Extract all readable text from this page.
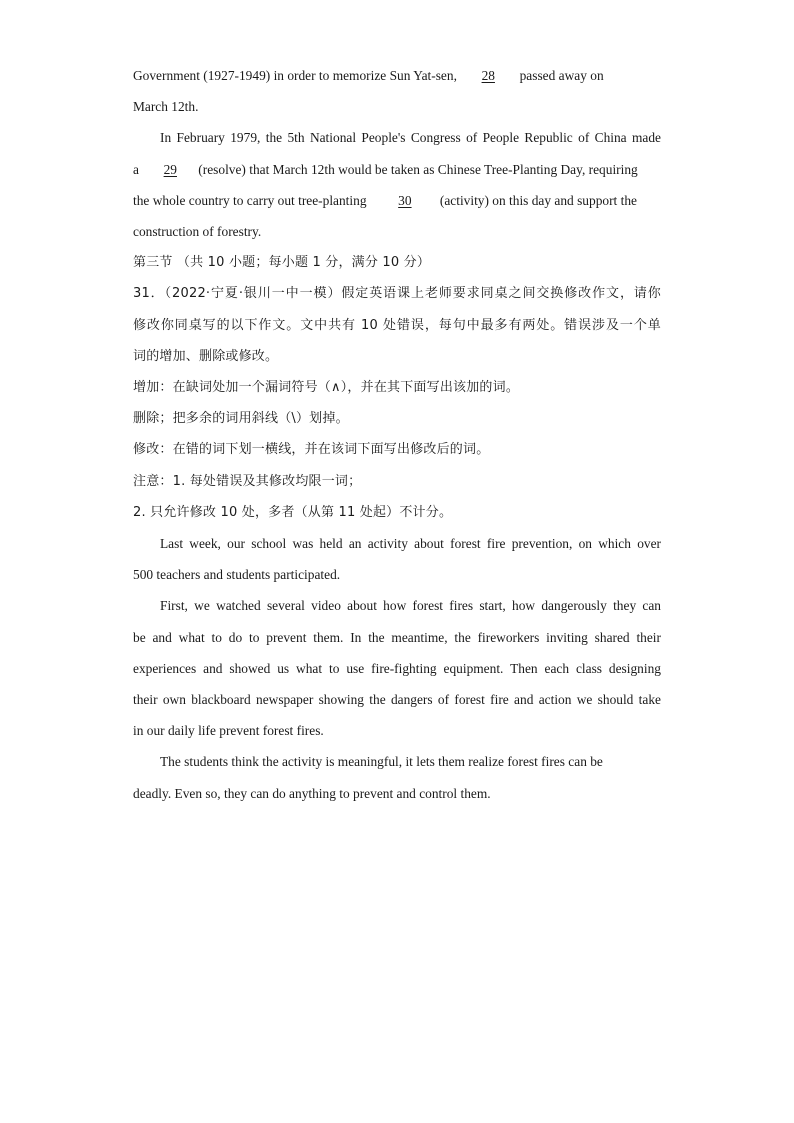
Government (1927-1949) in order to memorize Sun Yat-sen, 28 passed away on

March 12th.

In February 1979, the 5th National People's Congress of People Republic of China made

a 29 (resolve) that March 12th would be taken as Chinese Tree-Planting Day, requiring

the whole country to carry out tree-planting 30 (activity) on this day and support the

construction of forestry.

第三节 （共 10 小题；每小题 1 分，满分 10 分）

31．（2022·宁夏·银川一中一模）假定英语课上老师要求同桌之间交换修改作文，请你

修改你同桌写的以下作文。文中共有 10 处错误，每句中最多有两处。错误涉及一个单

词的增加、删除或修改。

增加：在缺词处加一个漏词符号（∧），并在其下面写出该加的词。

删除；把多余的词用斜线（\）划掉。

修改：在错的词下划一横线，并在该词下面写出修改后的词。

注意：1. 每处错误及其修改均限一词；

2. 只允许修改 10 处，多者（从第 11 处起）不计分。

Last week, our school was held an activity about forest fire prevention, on which over

500 teachers and students participated.

First, we watched several video about how forest fires start, how dangerously they can

be and what to do to prevent them. In the meantime, the fireworkers inviting shared their

experiences and showed us what to use fire-fighting equipment. Then each class designing

their own blackboard newspaper showing the dangers of forest fire and action we should take

in our daily life prevent forest fires.

The students think the activity is meaningful, it lets them realize forest fires can be

deadly. Even so, they can do anything to prevent and control them.
